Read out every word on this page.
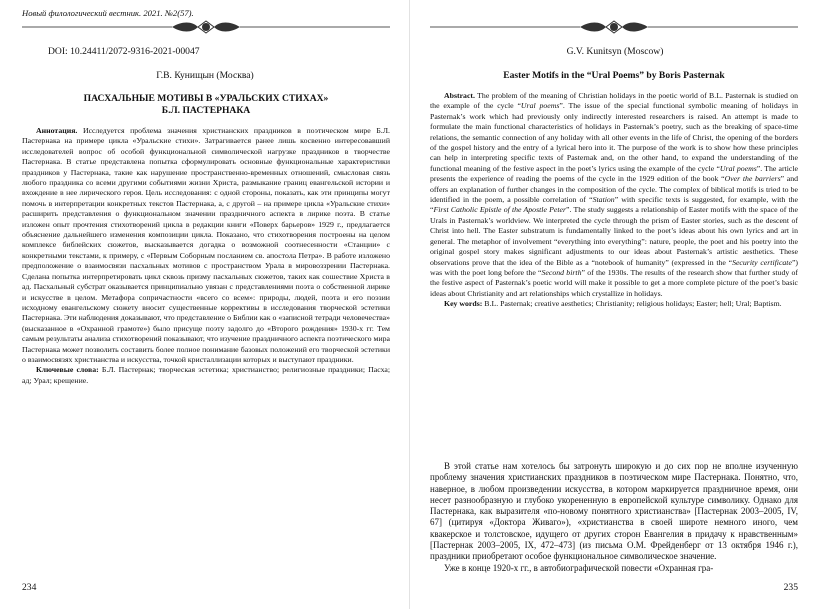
Новый филологический вестник. 2021. №2(57).
DOI: 10.24411/2072-9316-2021-00047
Г.В. Кунищын (Москва)
ПАСХАЛЬНЫЕ МОТИВЫ В «УРАЛЬСКИХ СТИХАХ»
Б.Л. ПАСТЕРНАКА

Аннотация. Исследуется проблема значения христианских праздников в поэтическом мире Б.Л. Пастернака на примере цикла «Уральские стихи». Затрагивается ранее лишь косвенно интересовавший исследователей вопрос об особой функциональной символической нагрузке праздников в творчестве Пастернака. В статье представлена попытка сформулировать основные функциональные характеристики праздников у Пастернака, такие как нарушение пространственно-временных отношений, смысловая связь любого праздника со всеми другими событиями жизни Христа, размыкание границ евангельской истории и вхождение в нее лирического героя. Цель исследования: с одной стороны, показать, как эти принципы могут помочь в интерпретации конкретных текстов Пастернака, а, с другой – на примере цикла «Уральские стихи» расширить представления о функциональном значении праздничного аспекта в лирике поэта. В статье изложен опыт прочтения стихотворений цикла в редакции книги «Поверх барьеров» 1929 г., предлагается объяснение дальнейшего изменения композиции цикла. Показано, что стихотворения построены на целом комплексе библейских сюжетов, высказывается догадка о возможной соотнесенности «Станции» с конкретными текстами, к примеру, с «Первым Соборным посланием св. апостола Петра». В работе изложено предположение о взаимосвязи пасхальных мотивов с пространством Урала в мировоззрении Пастернака. Сделана попытка интерпретировать цикл сквозь призму пасхальных сюжетов, таких как сошествие Христа в ад. Пасхальный субстрат оказывается принципиально увязан с представлениями поэта о собственной лирике и искусстве в целом. Метафора сопричастности «всего со всем»: природы, людей, поэта и его поэзии исходному евангельскому сюжету вносит существенные коррективы в исследования творческой эстетики Пастернака. Эти наблюдения доказывают, что представление о Библии как о «записной тетради человечества» (высказанное в «Охранной грамоте») было присуще поэту задолго до «Второго рождения» 1930-х гг. Тем самым результаты анализа стихотворений показывают, что изучение праздничного аспекта поэтического мира Пастернака может позволить составить более полное понимание базовых положений его творческой эстетики о взаимосвязях христианства и искусства, точкой кристаллизации которых и выступают праздники.

Ключевые слова: Б.Л. Пастернак; творческая эстетика; христианство; религиозные праздники; Пасха; ад; Урал; крещение.

234
G.V. Kunitsyn (Moscow)
Easter Motifs in the “Ural Poems” by Boris Pasternak

Abstract. The problem of the meaning of Christian holidays in the poetic world of B.L. Pasternak is studied on the example of the cycle “Ural poems”. The issue of the special functional symbolic meaning of holidays in Pasternak’s work which had previously only indirectly interested researchers is raised. An attempt is made to formulate the main functional characteristics of holidays in Pasternak’s poetry, such as the breaking of space-time relations, the semantic connection of any holiday with all other events in the life of Christ, the opening of the borders of the gospel history and the entry of a lyrical hero into it. The purpose of the work is to show how these principles can help in interpreting specific texts of Pasternak and, on the other hand, to expand the understanding of the functional meaning of the festive aspect in the poet’s lyrics using the example of the cycle “Ural poems”. The article presents the experience of reading the poems of the cycle in the 1929 edition of the book “Over the barriers” and offers an explanation of further changes in the composition of the cycle. The complex of biblical motifs is tried to be identified in the poem, a possible correlation of “Station” with specific texts is suggested, for example, with the “First Catholic Epistle of the Apostle Peter”. The study suggests a relationship of Easter motifs with the space of the Urals in Pasternak’s worldview. We interpreted the cycle through the prism of Easter stories, such as the descent of Christ into hell. The Easter substratum is fundamentally linked to the poet’s ideas about his own lyrics and art in general. The metaphor of involvement “everything into everything”: nature, people, the poet and his poetry into the original gospel story makes significant adjustments to our ideas about Pasternak’s artistic aesthetics. These observations prove that the idea of the Bible as a “notebook of humanity” (expressed in the “Security certificate”) was with the poet long before the “Second birth” of the 1930s. The results of the research show that further study of the festive aspect of Pasternak’s poetic world will make it possible to get a more complete picture of the poet’s basic ideas about Christianity and art relationships which crystallize in holidays.

Key words: B.L. Pasternak; creative aesthetics; Christianity; religious holidays; Easter; hell; Ural; Baptism.

В этой статье нам хотелось бы затронуть широкую и до сих пор не вполне изученную проблему значения христианских праздников в поэтическом мире Пастернака. Понятно, что, наверное, в любом произведении искусства, в котором маркируется праздничное время, они несет разнообразную и глубоко укорененную в европейской культуре символику. Однако для Пастернака, как выразителя «по-новому понятного христианства» [Пастернак 2003–2005, IV, 67] (цитируя «Доктора Живаго»), «христианства в своей широте немного иного, чем квакерское и толстовское, идущего от других сторон Евангелия в придачу к нравственным» [Пастернак 2003–2005, IX, 472–473] (из письма О.М. Фрейденберг от 13 октября 1946 г.), праздники приобретают особое функциональное символическое значение.

Уже в конце 1920-х гг., в автобиографической повести «Охранная гра-

235
